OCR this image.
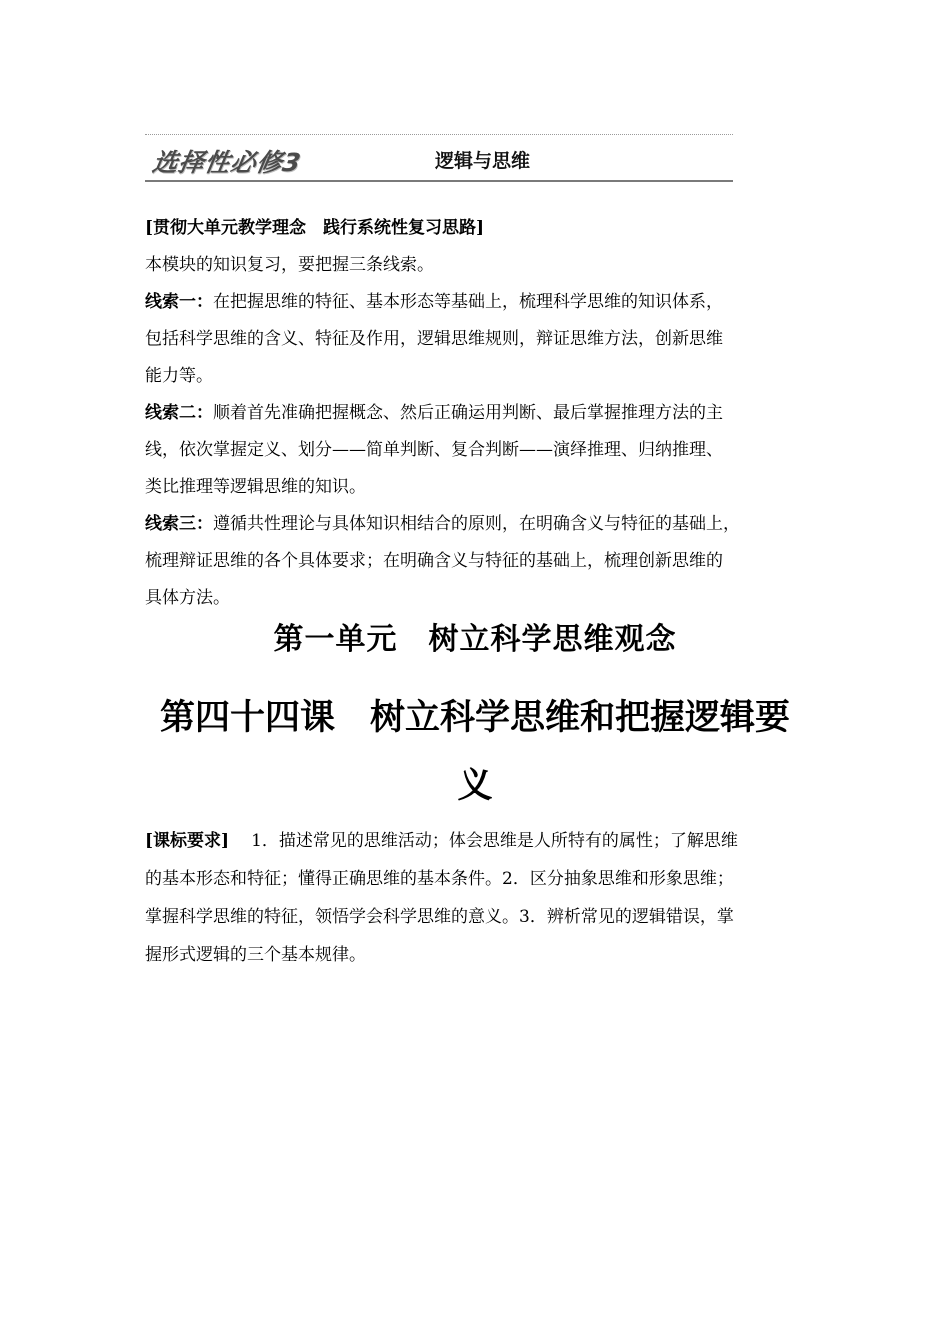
选择性必修3	逻辑与思维
[贯彻大单元教学理念　践行系统性复习思路]
本模块的知识复习，要把握三条线索。
线索一：在把握思维的特征、基本形态等基础上，梳理科学思维的知识体系，
包括科学思维的含义、特征及作用，逻辑思维规则，辩证思维方法，创新思维
能力等。
线索二：顺着首先准确把握概念、然后正确运用判断、最后掌握推理方法的主
线，依次掌握定义、划分——简单判断、复合判断——演绎推理、归纳推理、
类比推理等逻辑思维的知识。
线索三：遵循共性理论与具体知识相结合的原则，在明确含义与特征的基础上，
梳理辩证思维的各个具体要求；在明确含义与特征的基础上，梳理创新思维的
具体方法。
第一单元　树立科学思维观念
第四十四课　树立科学思维和把握逻辑要义
[课标要求] 1．描述常见的思维活动；体会思维是人所特有的属性；了解思维
的基本形态和特征；懂得正确思维的基本条件。2．区分抽象思维和形象思维；
掌握科学思维的特征，领悟学会科学思维的意义。3．辨析常见的逻辑错误，掌
握形式逻辑的三个基本规律。
